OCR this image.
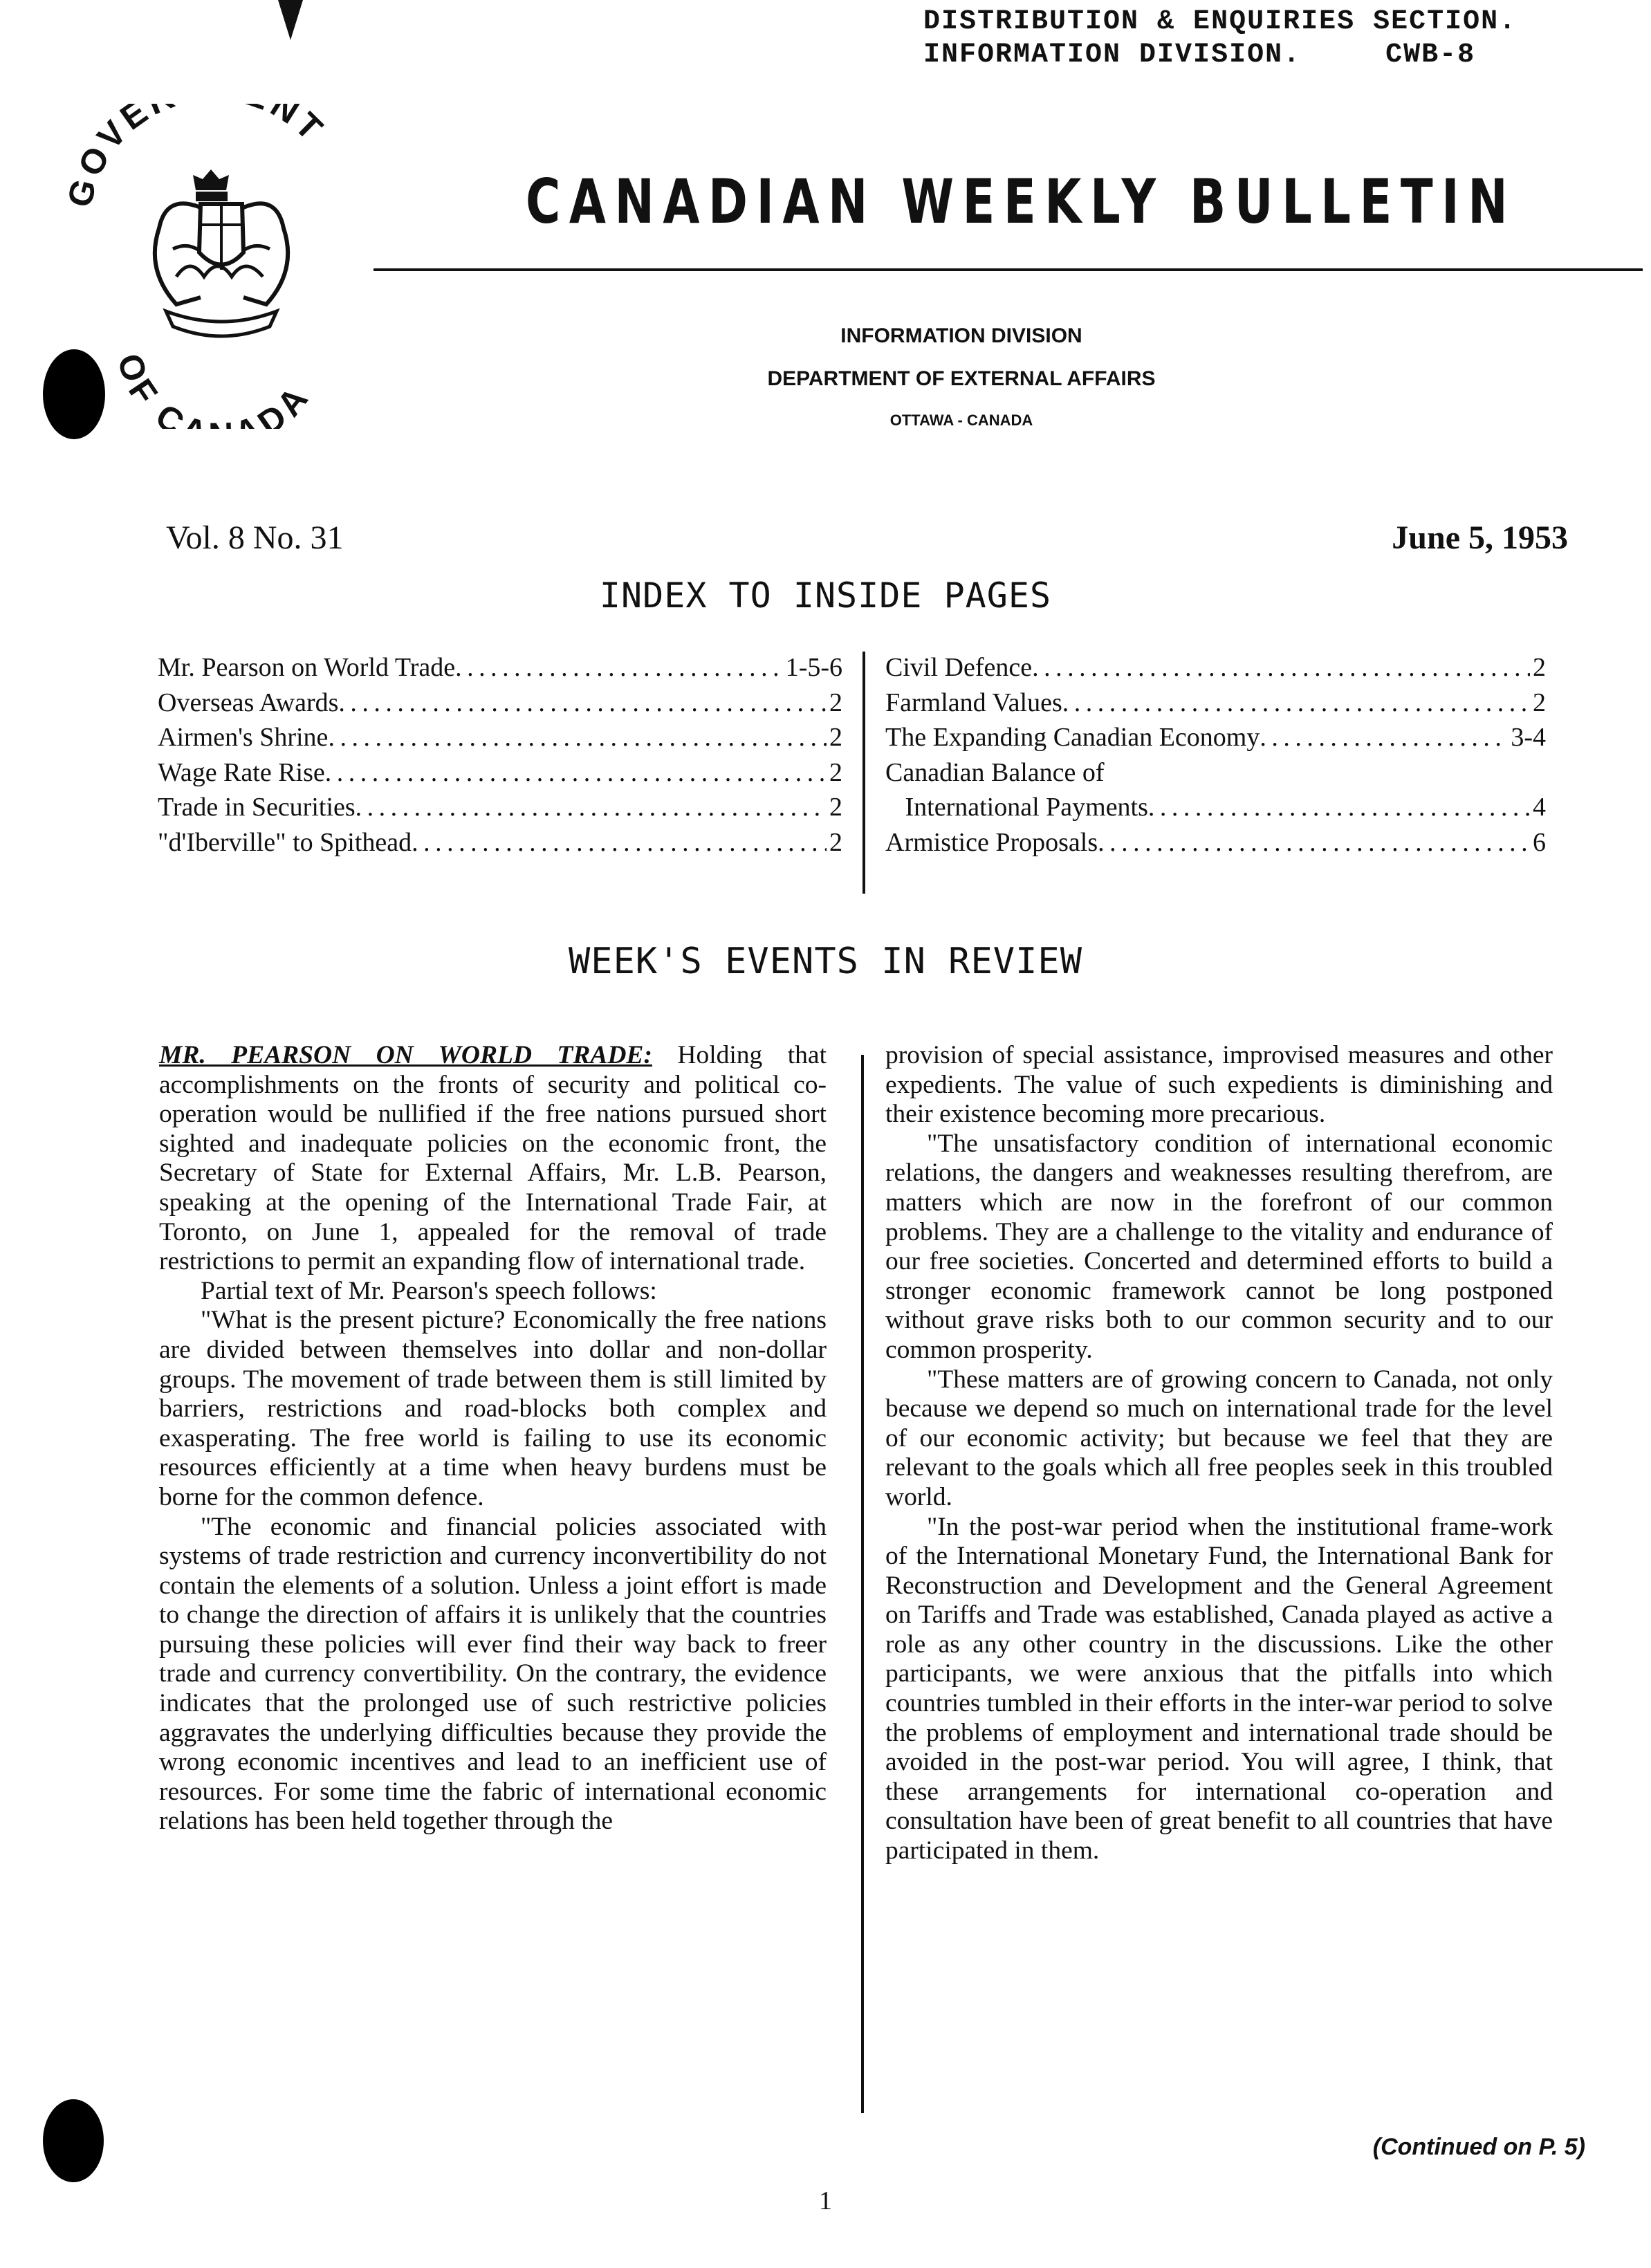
DISTRIBUTION & ENQUIRIES SECTION.
INFORMATION DIVISION.	CWB-8
GOVE NT
OF C DA
CANADIAN WEEKLY BULLETIN
INFORMATION DIVISION
DEPARTMENT OF EXTERNAL AFFAIRS
OTTAWA - CANADA
Vol. 8 No. 31	June 5, 1953
INDEX TO INSIDE PAGES
Mr. Pearson on World Trade . . .	1-5-6
Overseas Awards . . .	2
Airmen's Shrine . . .	2
Wage Rate Rise . . .	2
Trade in Securities . . .	2
"d'Iberville" to Spithead . . .	2
Civil Defence . . .	2
Farmland Values . . .	2
The Expanding Canadian Economy . . .	3-4
Canadian Balance of
International Payments . . .	4
Armistice Proposals . . .	6
WEEK'S EVENTS IN REVIEW

MR. PEARSON ON WORLD TRADE: Holding that accomplishments on the fronts of security and political co-operation would be nullified if the free nations pursued short sighted and inadequate policies on the economic front, the Secretary of State for External Affairs, Mr. L.B. Pearson, speaking at the opening of the International Trade Fair, at Toronto, on June 1, appealed for the removal of trade restrictions to permit an expanding flow of international trade.

Partial text of Mr. Pearson's speech follows:

"What is the present picture? Economically the free nations are divided between themselves into dollar and non-dollar groups. The movement of trade between them is still limited by barriers, restrictions and road-blocks both complex and exasperating. The free world is failing to use its economic resources efficiently at a time when heavy burdens must be borne for the common defence.

"The economic and financial policies associated with systems of trade restriction and currency inconvertibility do not contain the elements of a solution. Unless a joint effort is made to change the direction of affairs it is unlikely that the countries pursuing these policies will ever find their way back to freer trade and currency convertibility. On the contrary, the evidence indicates that the prolonged use of such restrictive policies aggravates the underlying difficulties because they provide the wrong economic incentives and lead to an inefficient use of resources. For some time the fabric of international economic relations has been held together through the

provision of special assistance, improvised measures and other expedients. The value of such expedients is diminishing and their existence becoming more precarious.

"The unsatisfactory condition of international economic relations, the dangers and weaknesses resulting therefrom, are matters which are now in the forefront of our common problems. They are a challenge to the vitality and endurance of our free societies. Concerted and determined efforts to build a stronger economic framework cannot be long postponed without grave risks both to our common security and to our common prosperity.

"These matters are of growing concern to Canada, not only because we depend so much on international trade for the level of our economic activity; but because we feel that they are relevant to the goals which all free peoples seek in this troubled world.

"In the post-war period when the institutional frame-work of the International Monetary Fund, the International Bank for Reconstruction and Development and the General Agreement on Tariffs and Trade was established, Canada played as active a role as any other country in the discussions. Like the other participants, we were anxious that the pitfalls into which countries tumbled in their efforts in the inter-war period to solve the problems of employment and international trade should be avoided in the post-war period. You will agree, I think, that these arrangements for international co-operation and consultation have been of great benefit to all countries that have participated in them.

(Continued on P. 5)
1
